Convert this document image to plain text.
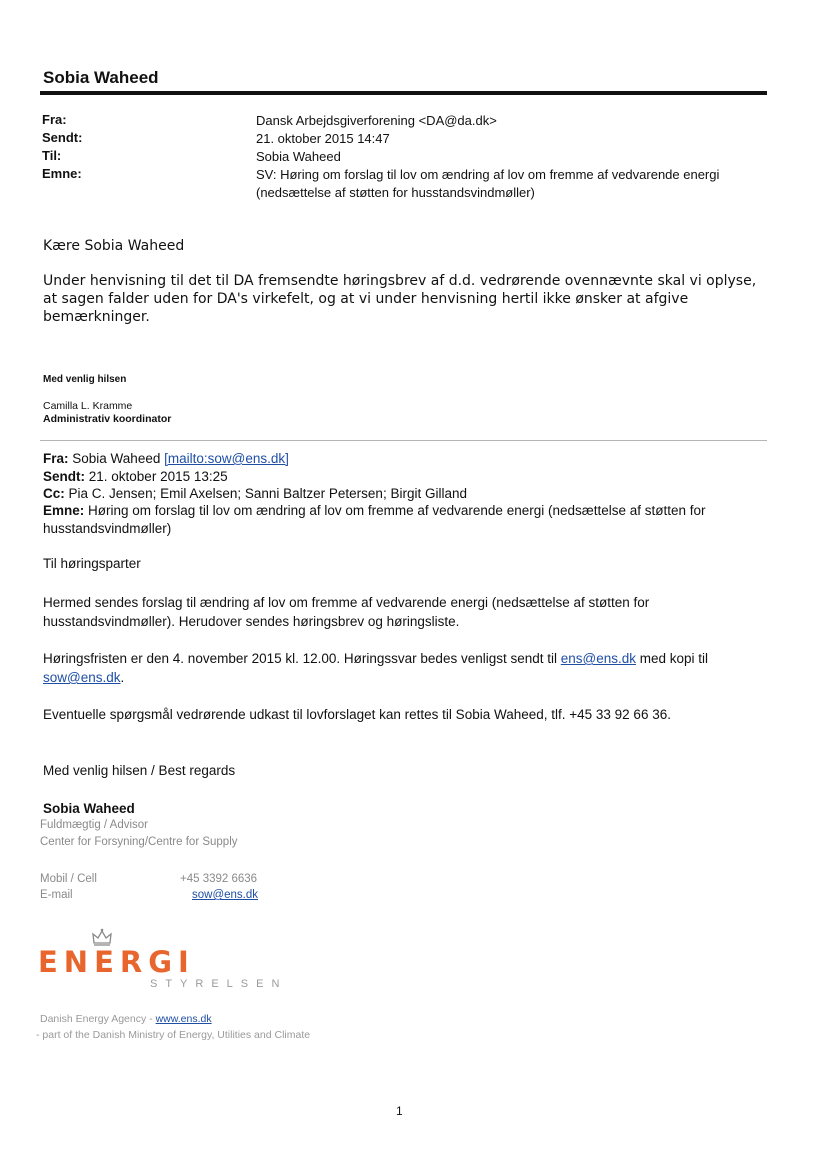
Sobia Waheed
Fra:	Dansk Arbejdsgiverforening <DA@da.dk>
Sendt:	21. oktober 2015 14:47
Til:	Sobia Waheed
Emne:	SV: Høring om forslag til lov om ændring af lov om fremme af vedvarende energi (nedsættelse af støtten for husstandsvindmøller)
Kære Sobia Waheed
Under henvisning til det til DA fremsendte høringsbrev af d.d. vedrørende ovennævnte skal vi oplyse, at sagen falder uden for DA's virkefelt, og at vi under henvisning hertil ikke ønsker at afgive bemærkninger.
Med venlig hilsen
Camilla L. Kramme
Administrativ koordinator
Fra: Sobia Waheed [mailto:sow@ens.dk]
Sendt: 21. oktober 2015 13:25
Cc: Pia C. Jensen; Emil Axelsen; Sanni Baltzer Petersen; Birgit Gilland
Emne: Høring om forslag til lov om ændring af lov om fremme af vedvarende energi (nedsættelse af støtten for husstandsvindmøller)
Til høringsparter
Hermed sendes forslag til ændring af lov om fremme af vedvarende energi (nedsættelse af støtten for husstandsvindmøller). Herudover sendes høringsbrev og høringsliste.
Høringsfristen er den 4. november 2015 kl. 12.00. Høringssvar bedes venligst sendt til ens@ens.dk med kopi til sow@ens.dk.
Eventuelle spørgsmål vedrørende udkast til lovforslaget kan rettes til Sobia Waheed, tlf. +45 33 92 66 36.
Med venlig hilsen / Best regards
Sobia Waheed
Fuldmægtig / Advisor
Center for Forsyning/Centre for Supply
Mobil / Cell	+45 3392 6636
E-mail	sow@ens.dk
ENERGI
STYRELSEN
Danish Energy Agency - www.ens.dk
- part of the Danish Ministry of Energy, Utilities and Climate
1
